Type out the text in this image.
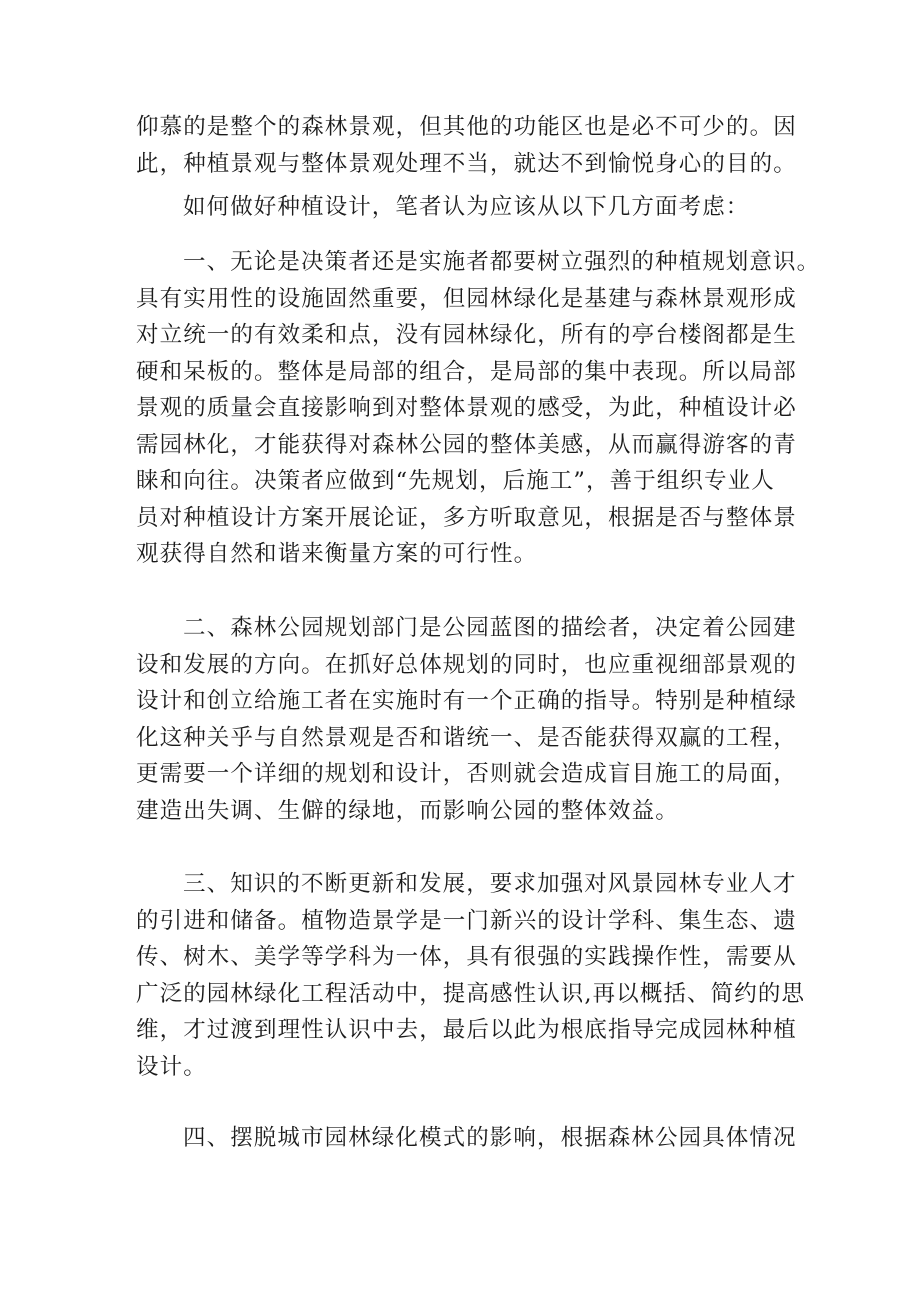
仰慕的是整个的森林景观，但其他的功能区也是必不可少的。因
此，种植景观与整体景观处理不当，就达不到愉悦身心的目的。

如何做好种植设计，笔者认为应该从以下几方面考虑：

一、无论是决策者还是实施者都要树立强烈的种植规划意识。
具有实用性的设施固然重要，但园林绿化是基建与森林景观形成
对立统一的有效柔和点，没有园林绿化，所有的亭台楼阁都是生
硬和呆板的。整体是局部的组合，是局部的集中表现。所以局部
景观的质量会直接影响到对整体景观的感受，为此，种植设计必
需园林化，才能获得对森林公园的整体美感，从而赢得游客的青
睐和向往。决策者应做到“先规划，后施工”，善于组织专业人
员对种植设计方案开展论证，多方听取意见，根据是否与整体景
观获得自然和谐来衡量方案的可行性。

二、森林公园规划部门是公园蓝图的描绘者，决定着公园建
设和发展的方向。在抓好总体规划的同时，也应重视细部景观的
设计和创立给施工者在实施时有一个正确的指导。特别是种植绿
化这种关乎与自然景观是否和谐统一、是否能获得双赢的工程，
更需要一个详细的规划和设计，否则就会造成盲目施工的局面，
建造出失调、生僻的绿地，而影响公园的整体效益。

三、知识的不断更新和发展，要求加强对风景园林专业人才
的引进和储备。植物造景学是一门新兴的设计学科、集生态、遗
传、树木、美学等学科为一体，具有很强的实践操作性，需要从
广泛的园林绿化工程活动中，提高感性认识,再以概括、简约的思
维，才过渡到理性认识中去，最后以此为根底指导完成园林种植
设计。

四、摆脱城市园林绿化模式的影响，根据森林公园具体情况
